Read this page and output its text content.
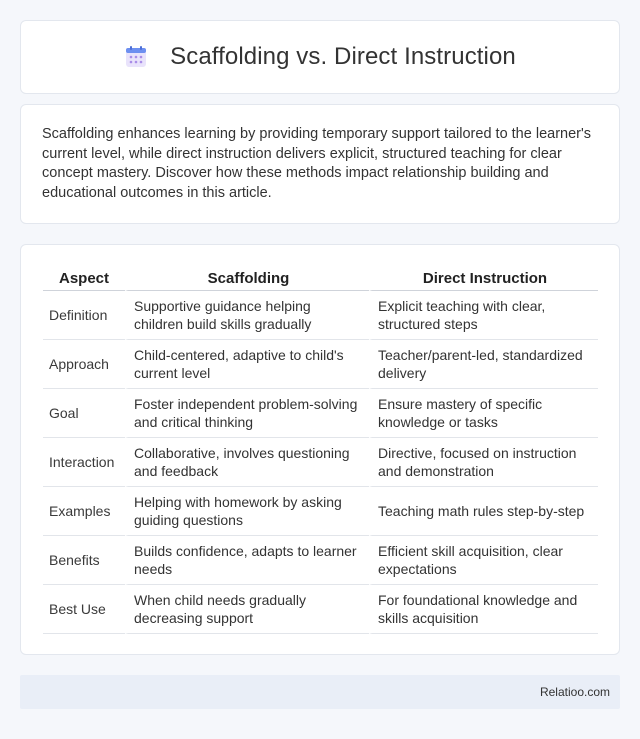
Scaffolding vs. Direct Instruction

Scaffolding enhances learning by providing temporary support tailored to the learner's current level, while direct instruction delivers explicit, structured teaching for clear concept mastery. Discover how these methods impact relationship building and educational outcomes in this article.

Aspect	Scaffolding	Direct Instruction
Definition	Supportive guidance helping children build skills gradually	Explicit teaching with clear, structured steps
Approach	Child-centered, adaptive to child's current level	Teacher/parent-led, standardized delivery
Goal	Foster independent problem-solving and critical thinking	Ensure mastery of specific knowledge or tasks
Interaction	Collaborative, involves questioning and feedback	Directive, focused on instruction and demonstration
Examples	Helping with homework by asking guiding questions	Teaching math rules step-by-step
Benefits	Builds confidence, adapts to learner needs	Efficient skill acquisition, clear expectations
Best Use	When child needs gradually decreasing support	For foundational knowledge and skills acquisition
Relatioo.com
